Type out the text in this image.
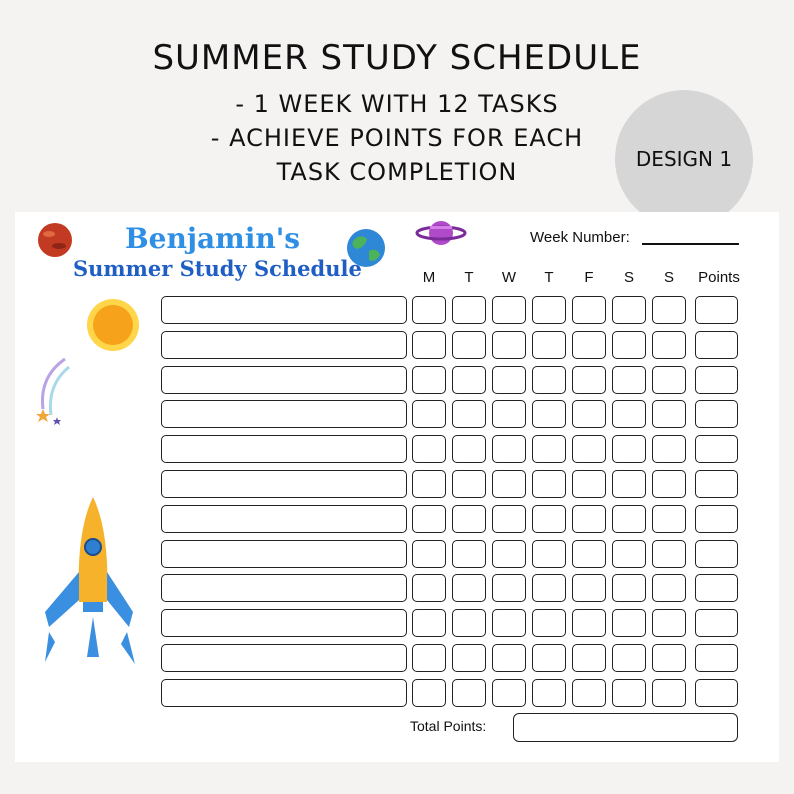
SUMMER STUDY SCHEDULE
- 1 WEEK WITH 12 TASKS
- ACHIEVE POINTS FOR EACH
TASK COMPLETION	DESIGN 1
Benjamin's
Summer Study Schedule
Week Number:
Total Points:
M	T	W	T	F	S	S	Points
